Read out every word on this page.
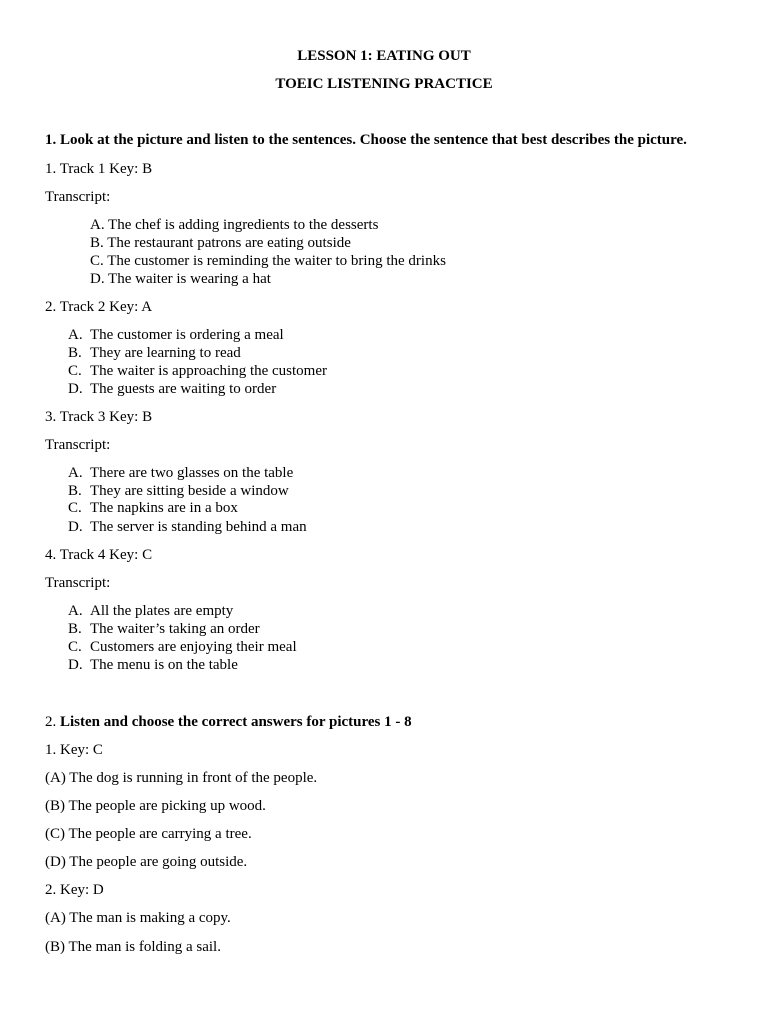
LESSON 1: EATING OUT
TOEIC LISTENING PRACTICE
1. Look at the picture and listen to the sentences. Choose the sentence that best describes the picture.
1. Track 1 Key: B
Transcript:
A. The chef is adding ingredients to the desserts
B. The restaurant patrons are eating outside
C. The customer is reminding the waiter to bring the drinks
D. The waiter is wearing a hat
2. Track 2 Key: A
A. The customer is ordering a meal
B. They are learning to read
C. The waiter is approaching the customer
D. The guests are waiting to order
3. Track 3 Key: B
Transcript:
A. There are two glasses on the table
B. They are sitting beside a window
C. The napkins are in a box
D. The server is standing behind a man
4. Track 4 Key: C
Transcript:
A. All the plates are empty
B. The waiter’s taking an order
C. Customers are enjoying their meal
D. The menu is on the table
2. Listen and choose the correct answers for pictures 1 - 8
1. Key: C
(A) The dog is running in front of the people.
(B) The people are picking up wood.
(C) The people are carrying a tree.
(D) The people are going outside.
2. Key: D
(A) The man is making a copy.
(B) The man is folding a sail.
